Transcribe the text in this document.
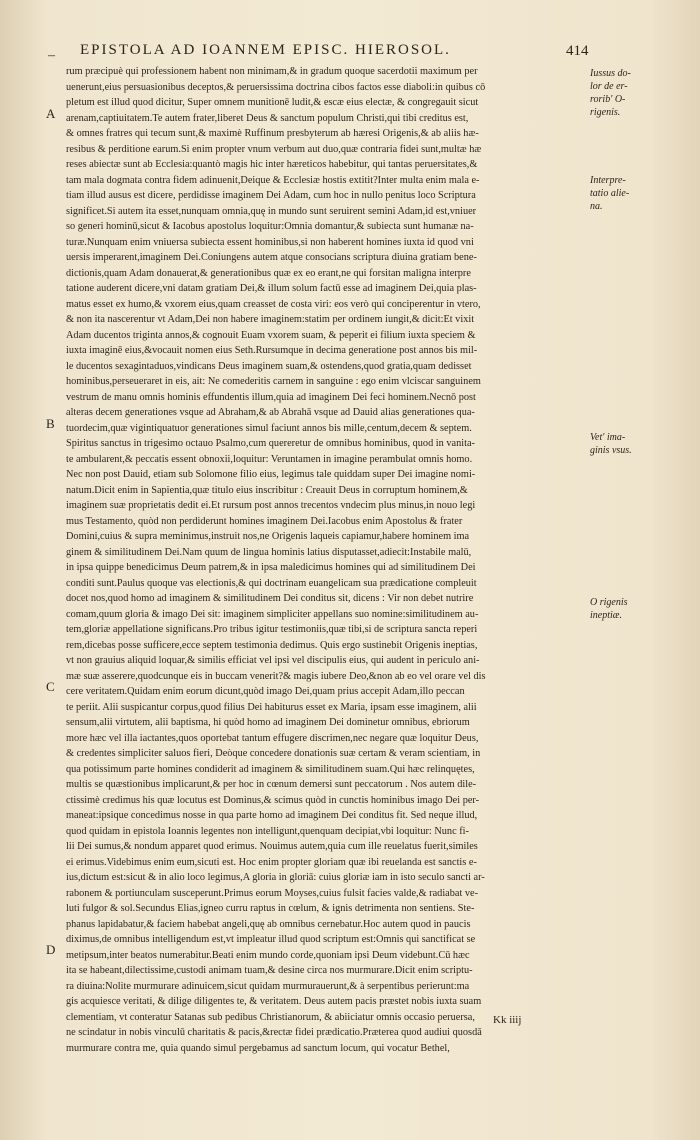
– EPISTOLA AD IOANNEM EPISC. HIEROSOL.	414
A
B
C
D
Iussus do-
lor de er-
rorib' O-
rigenis.
Interpre-
tatio alie-
na.
Vet' ima-
ginis vsus.
O rigenis
ineptiæ.
rum præcipuè qui professionem habent non minimam,& in gradum quoque sacerdotii maximum per
uenerunt,eius persuasionibus deceptos,& peruersissima doctrina cibos factos esse diaboli:in quibus cō
pletum est illud quod dicitur, Super omnem munitionē ludit,& escæ eius electæ, & congregauit sicut
arenam,captiuitatem.Te autem frater,liberet Deus & sanctum populum Christi,qui tibi creditus est,
& omnes fratres qui tecum sunt,& maximè Ruffinum presbyterum ab hæresi Origenis,& ab aliis hæ-
resibus & perditione earum.Si enim propter vnum verbum aut duo,quæ contraria fidei sunt,multæ hæ
reses abiectæ sunt ab Ecclesia:quantò magis hic inter hæreticos habebitur, qui tantas peruersitates,&
tam mala dogmata contra fidem adinuenit,Deique & Ecclesiæ hostis extitit?Inter multa enim mala e-
tiam illud ausus est dicere, perdidisse imaginem Dei Adam, cum hoc in nullo penitus loco Scriptura
significet.Si autem ita esset,nunquam omnia,quę in mundo sunt seruirent semini Adam,id est,vniuer
so generi hominū,sicut & Iacobus apostolus loquitur:Omnia domantur,& subiecta sunt humanæ na-
turæ.Nunquam enim vniuersa subiecta essent hominibus,si non haberent homines iuxta id quod vni
uersis imperarent,imaginem Dei.Coniungens autem atque consocians scriptura diuina gratiam bene-
dictionis,quam Adam donauerat,& generationibus quæ ex eo erant,ne qui forsitan maligna interpre
tatione auderent dicere,vni datam gratiam Dei,& illum solum factū esse ad imaginem Dei,quia plas-
matus esset ex humo,& vxorem eius,quam creasset de costa viri: eos verò qui conciperentur in vtero,
& non ita nascerentur vt Adam,Dei non habere imaginem:statim per ordinem iungit,& dicit:Et vixit
Adam ducentos triginta annos,& cognouit Euam vxorem suam, & peperit ei filium iuxta speciem &
iuxta imaginē eius,&vocauit nomen eius Seth.Rursumque in decima generatione post annos bis mil-
le ducentos sexagintaduos,vindicans Deus imaginem suam,& ostendens,quod gratia,quam dedisset
hominibus,perseueraret in eis, ait: Ne comederitis carnem in sanguine : ego enim vlciscar sanguinem
vestrum de manu omnis hominis effundentis illum,quia ad imaginem Dei feci hominem.Necnō post
alteras decem generationes vsque ad Abraham,& ab Abrahā vsque ad Dauid alias generationes qua-
tuordecim,quæ vigintiquatuor generationes simul faciunt annos bis mille,centum,decem & septem.
Spiritus sanctus in trigesimo octauo Psalmo,cum quereretur de omnibus hominibus, quod in vanita-
te ambularent,& peccatis essent obnoxii,loquitur: Veruntamen in imagine perambulat omnis homo.
Nec non post Dauid, etiam sub Solomone filio eius, legimus tale quiddam super Dei imagine nomi-
natum.Dicit enim in Sapientia,quæ titulo eius inscribitur : Creauit Deus in corruptum hominem,&
imaginem suæ proprietatis dedit ei.Et rursum post annos trecentos vndecim plus minus,in nouo legi
mus Testamento, quòd non perdiderunt homines imaginem Dei.Iacobus enim Apostolus & frater
Domini,cuius & supra meminimus,instruit nos,ne Origenis laqueis capiamur,habere hominem ima
ginem & similitudinem Dei.Nam quum de lingua hominis latius disputasset,adiecit:Instabile malū,
in ipsa quippe benedicimus Deum patrem,& in ipsa maledicimus homines qui ad similitudinem Dei
conditi sunt.Paulus quoque vas electionis,& qui doctrinam euangelicam sua prædicatione compleuit
docet nos,quod homo ad imaginem & similitudinem Dei conditus sit, dicens : Vir non debet nutrire
comam,quum gloria & imago Dei sit: imaginem simpliciter appellans suo nomine:similitudinem au-
tem,gloriæ appellatione significans.Pro tribus igitur testimoniis,quæ tibi,si de scriptura sancta reperi
rem,dicebas posse sufficere,ecce septem testimonia dedimus. Quis ergo sustinebit Origenis ineptias,
vt non grauius aliquid loquar,& similis efficiat vel ipsi vel discipulis eius, qui audent in periculo ani-
mæ suæ asserere,quodcunque eis in buccam venerit?& magis iubere Deo,&non ab eo vel orare vel dis
cere veritatem.Quidam enim eorum dicunt,quòd imago Dei,quam prius accepit Adam,illo peccan
te periit. Alii suspicantur corpus,quod filius Dei habiturus esset ex Maria, ipsam esse imaginem, alii
sensum,alii virtutem, alii baptisma, hi quòd homo ad imaginem Dei dominetur omnibus, ebriorum
more hæc vel illa iactantes,quos oportebat tantum effugere discrimen,nec negare quæ loquitur Deus,
& credentes simpliciter saluos fieri, Deòque concedere donationis suæ certam & veram scientiam, in
qua potissimum parte homines condiderit ad imaginem & similitudinem suam.Qui hæc relinquętes,
multis se quæstionibus implicarunt,& per hoc in cœnum demersi sunt peccatorum . Nos autem dile-
ctissimè credimus his quæ locutus est Dominus,& scimus quòd in cunctis hominibus imago Dei per-
maneat:ipsique concedimus nosse in qua parte homo ad imaginem Dei conditus fit. Sed neque illud,
quod quidam in epistola Ioannis legentes non intelligunt,quenquam decipiat,vbi loquitur: Nunc fi-
lii Dei sumus,& nondum apparet quod erimus. Nouimus autem,quia cum ille reuelatus fuerit,similes
ei erimus.Videbimus enim eum,sicuti est. Hoc enim propter gloriam quæ ibi reuelanda est sanctis e-
ius,dictum est:sicut & in alio loco legimus,A gloria in gloriā: cuius gloriæ iam in isto seculo sancti ar-
rabonem & portiunculam susceperunt.Primus eorum Moyses,cuius fulsit facies valde,& radiabat ve-
luti fulgor & sol.Secundus Elias,igneo curru raptus in cœlum, & ignis detrimenta non sentiens. Ste-
phanus lapidabatur,& faciem habebat angeli,quę ab omnibus cernebatur.Hoc autem quod in paucis
diximus,de omnibus intelligendum est,vt impleatur illud quod scriptum est:Omnis qui sanctificat se
metipsum,inter beatos numerabitur.Beati enim mundo corde,quoniam ipsi Deum videbunt.Cū hæc
ita se habeant,dilectissime,custodi animam tuam,& desine circa nos murmurare.Dicit enim scriptu-
ra diuina:Nolite murmurare adinuicem,sicut quidam murmurauerunt,& à serpentibus perierunt:ma
gis acquiesce veritati, & dilige diligentes te, & veritatem. Deus autem pacis præstet nobis iuxta suam
clementiam, vt conteratur Satanas sub pedibus Christianorum, & abiiciatur omnis occasio peruersa,
ne scindatur in nobis vinculū charitatis & pacis,&rectæ fidei prædicatio.Præterea quod audiui quosdā
murmurare contra me, quia quando simul pergebamus ad sanctum locum, qui vocatur Bethel,
Kk iiij
